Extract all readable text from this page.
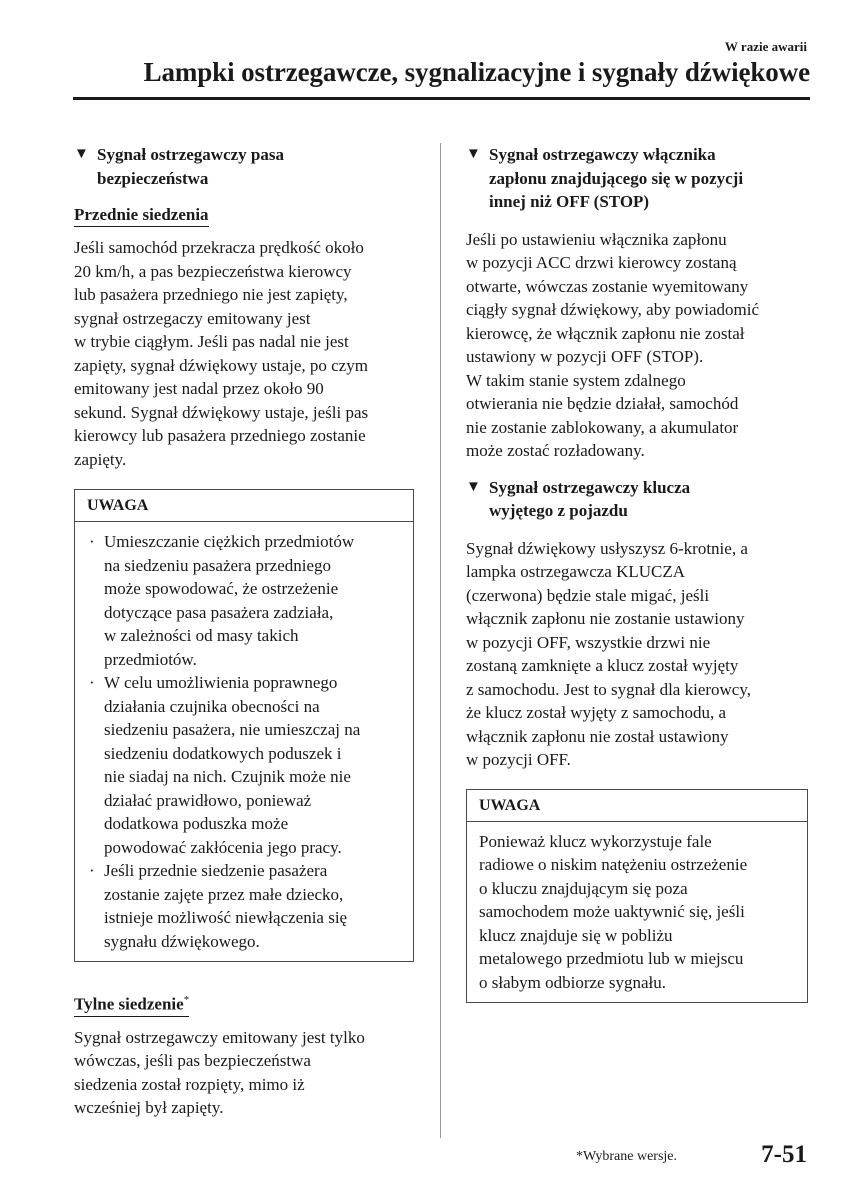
W razie awarii
Lampki ostrzegawcze, sygnalizacyjne i sygnały dźwiękowe
▼ Sygnał ostrzegawczy pasa
bezpieczeństwa
Przednie siedzenia

Jeśli samochód przekracza prędkość około

20 km/h, a pas bezpieczeństwa kierowcy

lub pasażera przedniego nie jest zapięty,

sygnał ostrzegaczy emitowany jest

w trybie ciągłym. Jeśli pas nadal nie jest

zapięty, sygnał dźwiękowy ustaje, po czym

emitowany jest nadal przez około 90

sekund. Sygnał dźwiękowy ustaje, jeśli pas

kierowcy lub pasażera przedniego zostanie

zapięty.

UWAGA
· Umieszczanie ciężkich przedmiotów

na siedzeniu pasażera przedniego

może spowodować, że ostrzeżenie

dotyczące pasa pasażera zadziała,

w zależności od masy takich

przedmiotów.

· W celu umożliwienia poprawnego

działania czujnika obecności na

siedzeniu pasażera, nie umieszczaj na

siedzeniu dodatkowych poduszek i

nie siadaj na nich. Czujnik może nie

działać prawidłowo, ponieważ

dodatkowa poduszka może

powodować zakłócenia jego pracy.

· Jeśli przednie siedzenie pasażera

zostanie zajęte przez małe dziecko,

istnieje możliwość niewłączenia się

sygnału dźwiękowego.

Tylne siedzenie*

Sygnał ostrzegawczy emitowany jest tylko

wówczas, jeśli pas bezpieczeństwa

siedzenia został rozpięty, mimo iż

wcześniej był zapięty.

▼ Sygnał ostrzegawczy włącznika
zapłonu znajdującego się w pozycji
innej niż OFF (STOP)

Jeśli po ustawieniu włącznika zapłonu

w pozycji ACC drzwi kierowcy zostaną

otwarte, wówczas zostanie wyemitowany

ciągły sygnał dźwiękowy, aby powiadomić

kierowcę, że włącznik zapłonu nie został

ustawiony w pozycji OFF (STOP).

W takim stanie system zdalnego

otwierania nie będzie działał, samochód

nie zostanie zablokowany, a akumulator

może zostać rozładowany.

▼ Sygnał ostrzegawczy klucza
wyjętego z pojazdu

Sygnał dźwiękowy usłyszysz 6-krotnie, a

lampka ostrzegawcza KLUCZA

(czerwona) będzie stale migać, jeśli

włącznik zapłonu nie zostanie ustawiony

w pozycji OFF, wszystkie drzwi nie

zostaną zamknięte a klucz został wyjęty

z samochodu. Jest to sygnał dla kierowcy,

że klucz został wyjęty z samochodu, a

włącznik zapłonu nie został ustawiony

w pozycji OFF.

UWAGA

Ponieważ klucz wykorzystuje fale

radiowe o niskim natężeniu ostrzeżenie

o kluczu znajdującym się poza

samochodem może uaktywnić się, jeśli

klucz znajduje się w pobliżu

metalowego przedmiotu lub w miejscu

o słabym odbiorze sygnału.

*Wybrane wersje.	7-51
